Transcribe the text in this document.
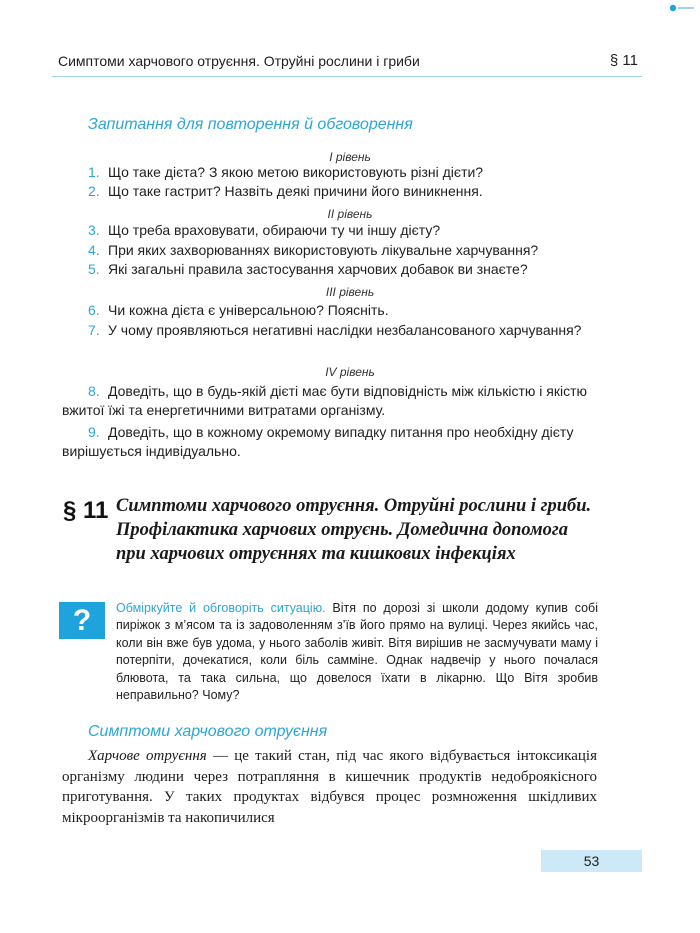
Симптоми харчового отруєння. Отруйні рослини і гриби	§ 11
Запитання для повторення й обговорення
I рівень
1. Що таке дієта? З якою метою використовують різні дієти?
2. Що таке гастрит? Назвіть деякі причини його виникнення.
II рівень
3. Що треба враховувати, обираючи ту чи іншу дієту?
4. При яких захворюваннях використовують лікувальне харчування?
5. Які загальні правила застосування харчових добавок ви знаєте?
III рівень
6. Чи кожна дієта є універсальною? Поясніть.
7. У чому проявляються негативні наслідки незбалансованого харчування?
IV рівень
8. Доведіть, що в будь-якій дієті має бути відповідність між кількістю і якістю вжитої їжі та енергетичними витратами організму.
9. Доведіть, що в кожному окремому випадку питання про необхідну дієту вирішується індивідуально.
§ 11 Симптоми харчового отруєння. Отруйні рослини і гриби. Профілактика харчових отруєнь. Домедична допомога при харчових отруєннях та кишкових інфекціях
? Обміркуйте й обговоріть ситуацію. Вітя по дорозі зі школи додому купив собі пиріжок з м’ясом та із задоволенням з’їв його прямо на вулиці. Через якийсь час, коли він вже був удома, у нього заболів живіт. Вітя вирішив не засмучувати маму і потерпіти, дочекатися, коли біль самміне. Однак надвечір у нього почалася блювота, та така сильна, що довелося їхати в лікарню. Що Вітя зробив неправильно? Чому?
Симптоми харчового отруєння
Харчове отруєння — це такий стан, під час якого відбувається інтоксикація організму людини через потрапляння в кишечник продуктів недоброякісного приготування. У таких продуктах відбувся процес розмноження шкідливих мікроорганізмів та накопичилися
53
